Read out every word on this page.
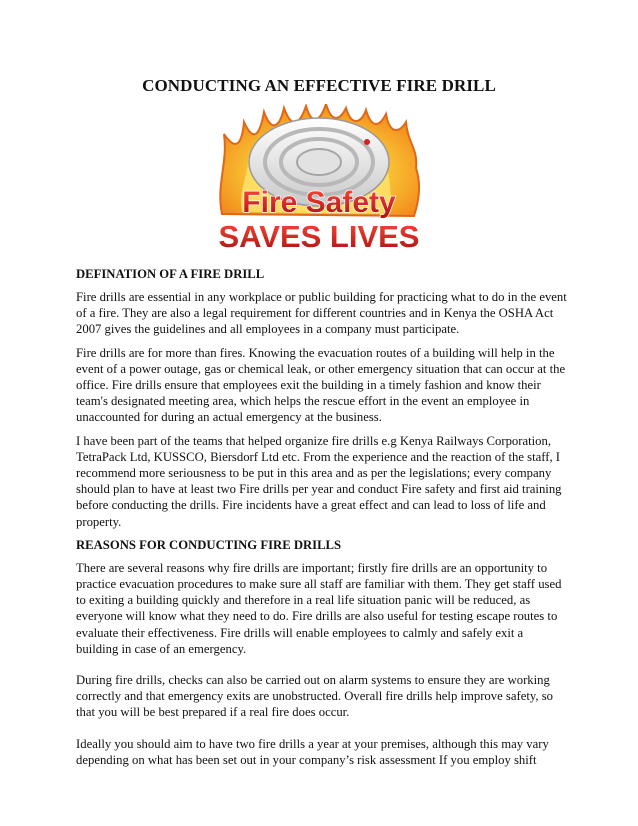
CONDUCTING AN EFFECTIVE FIRE DRILL
Fire Safety
SAVES LIVES
DEFINATION OF A FIRE DRILL

Fire drills are essential in any workplace or public building for practicing what to do in the event of a fire. They are also a legal requirement for different countries and in Kenya the OSHA Act 2007 gives the guidelines and all employees in a company must participate.

Fire drills are for more than fires. Knowing the evacuation routes of a building will help in the event of a power outage, gas or chemical leak, or other emergency situation that can occur at the office. Fire drills ensure that employees exit the building in a timely fashion and know their team's designated meeting area, which helps the rescue effort in the event an employee in unaccounted for during an actual emergency at the business.

I have been part of the teams that helped organize fire drills e.g Kenya Railways Corporation, TetraPack Ltd, KUSSCO, Biersdorf Ltd etc. From the experience and the reaction of the staff, I recommend more seriousness to be put in this area and as per the legislations; every company should plan to have at least two Fire drills per year and conduct Fire safety and first aid training before conducting the drills. Fire incidents have a great effect and can lead to loss of life and property.

REASONS FOR CONDUCTING FIRE DRILLS

There are several reasons why fire drills are important; firstly fire drills are an opportunity to practice evacuation procedures to make sure all staff are familiar with them. They get staff used to exiting a building quickly and therefore in a real life situation panic will be reduced, as everyone will know what they need to do. Fire drills are also useful for testing escape routes to evaluate their effectiveness. Fire drills will enable employees to calmly and safely exit a building in case of an emergency.

During fire drills, checks can also be carried out on alarm systems to ensure they are working correctly and that emergency exits are unobstructed. Overall fire drills help improve safety, so that you will be best prepared if a real fire does occur.

Ideally you should aim to have two fire drills a year at your premises, although this may vary depending on what has been set out in your company’s risk assessment If you employ shift
